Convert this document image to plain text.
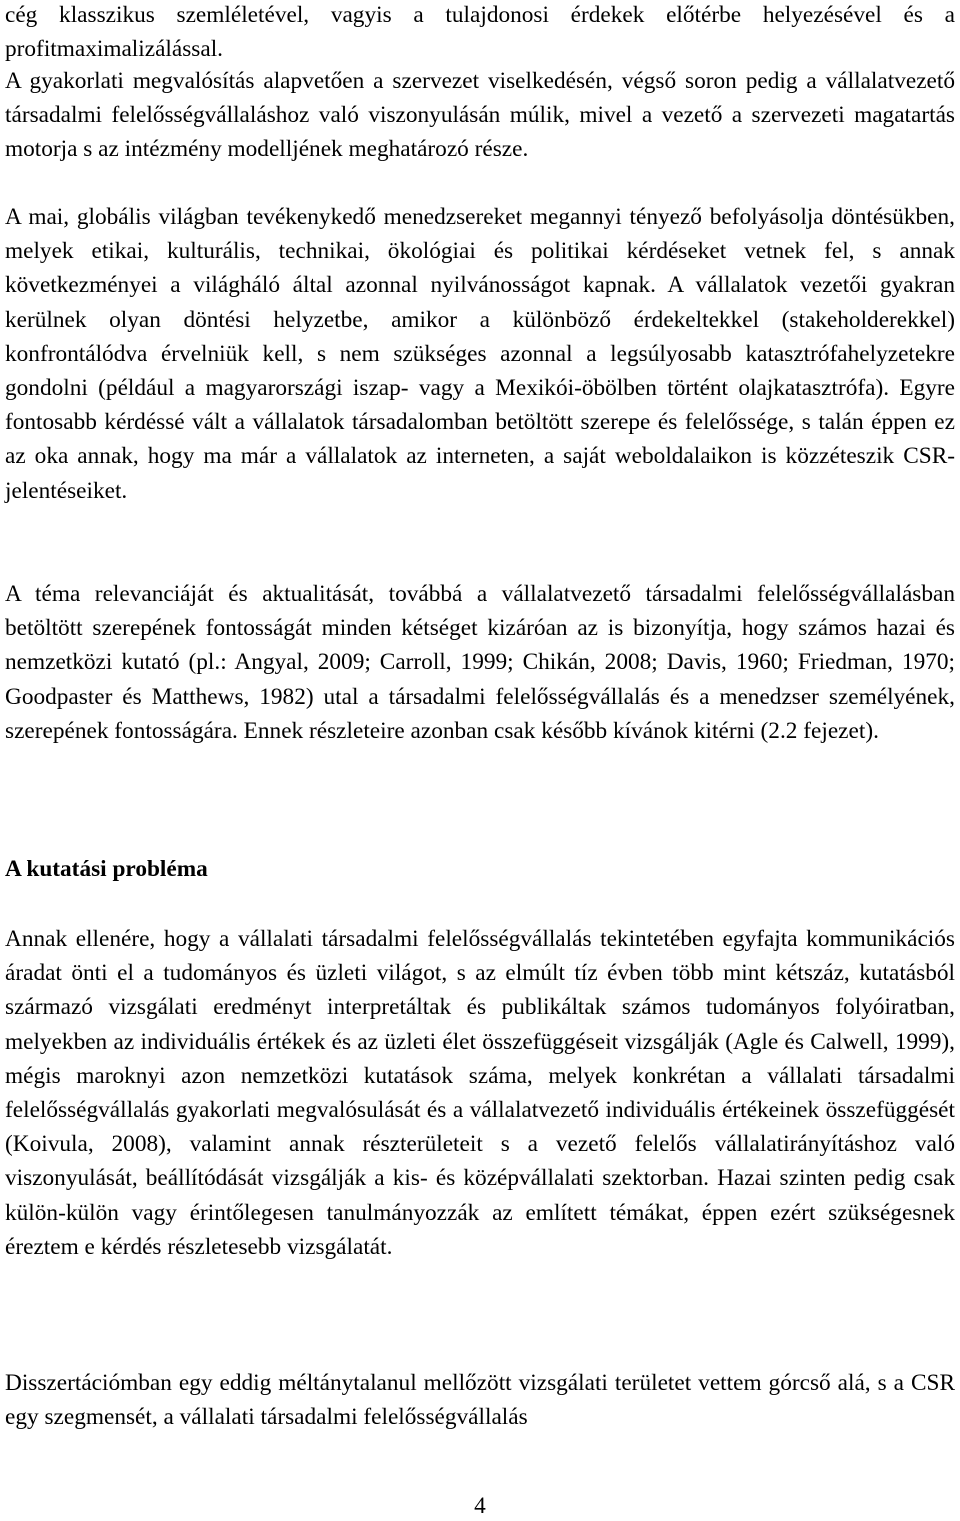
cég klasszikus szemléletével, vagyis a tulajdonosi érdekek előtérbe helyezésével és a profitmaximalizálással.

A gyakorlati megvalósítás alapvetően a szervezet viselkedésén, végső soron pedig a vállalatvezető társadalmi felelősségvállaláshoz való viszonyulásán múlik, mivel a vezető a szervezeti magatartás motorja s az intézmény modelljének meghatározó része.

A mai, globális világban tevékenykedő menedzsereket megannyi tényező befolyásolja döntésükben, melyek etikai, kulturális, technikai, ökológiai és politikai kérdéseket vetnek fel, s annak következményei a világháló által azonnal nyilvánosságot kapnak. A vállalatok vezetői gyakran kerülnek olyan döntési helyzetbe, amikor a különböző érdekeltekkel (stakeholderekkel) konfrontálódva érvelniük kell, s nem szükséges azonnal a legsúlyosabb katasztrófahelyzetekre gondolni (például a magyarországi iszap- vagy a Mexikói-öbölben történt olajkatasztrófa). Egyre fontosabb kérdéssé vált a vállalatok társadalomban betöltött szerepe és felelőssége, s talán éppen ez az oka annak, hogy ma már a vállalatok az interneten, a saját weboldalaikon is közzéteszik CSR-jelentéseiket.

A téma relevanciáját és aktualitását, továbbá a vállalatvezető társadalmi felelősségvállalásban betöltött szerepének fontosságát minden kétséget kizáróan az is bizonyítja, hogy számos hazai és nemzetközi kutató (pl.: Angyal, 2009; Carroll, 1999; Chikán, 2008; Davis, 1960; Friedman, 1970; Goodpaster és Matthews, 1982) utal a társadalmi felelősségvállalás és a menedzser személyének, szerepének fontosságára. Ennek részleteire azonban csak később kívánok kitérni (2.2 fejezet).

A kutatási probléma

Annak ellenére, hogy a vállalati társadalmi felelősségvállalás tekintetében egyfajta kommunikációs áradat önti el a tudományos és üzleti világot, s az elmúlt tíz évben több mint kétszáz, kutatásból származó vizsgálati eredményt interpretáltak és publikáltak számos tudományos folyóiratban, melyekben az individuális értékek és az üzleti élet összefüggéseit vizsgálják (Agle és Calwell, 1999), mégis maroknyi azon nemzetközi kutatások száma, melyek konkrétan a vállalati társadalmi felelősségvállalás gyakorlati megvalósulását és a vállalatvezető individuális értékeinek összefüggését (Koivula, 2008), valamint annak részterületeit s a vezető felelős vállalatirányításhoz való viszonyulását, beállítódását vizsgálják a kis- és középvállalati szektorban. Hazai szinten pedig csak külön-külön vagy érintőlegesen tanulmányozzák az említett témákat, éppen ezért szükségesnek éreztem e kérdés részletesebb vizsgálatát.

Disszertációmban egy eddig méltánytalanul mellőzött vizsgálati területet vettem górcső alá, s a CSR egy szegmensét, a vállalati társadalmi felelősségvállalás

4
